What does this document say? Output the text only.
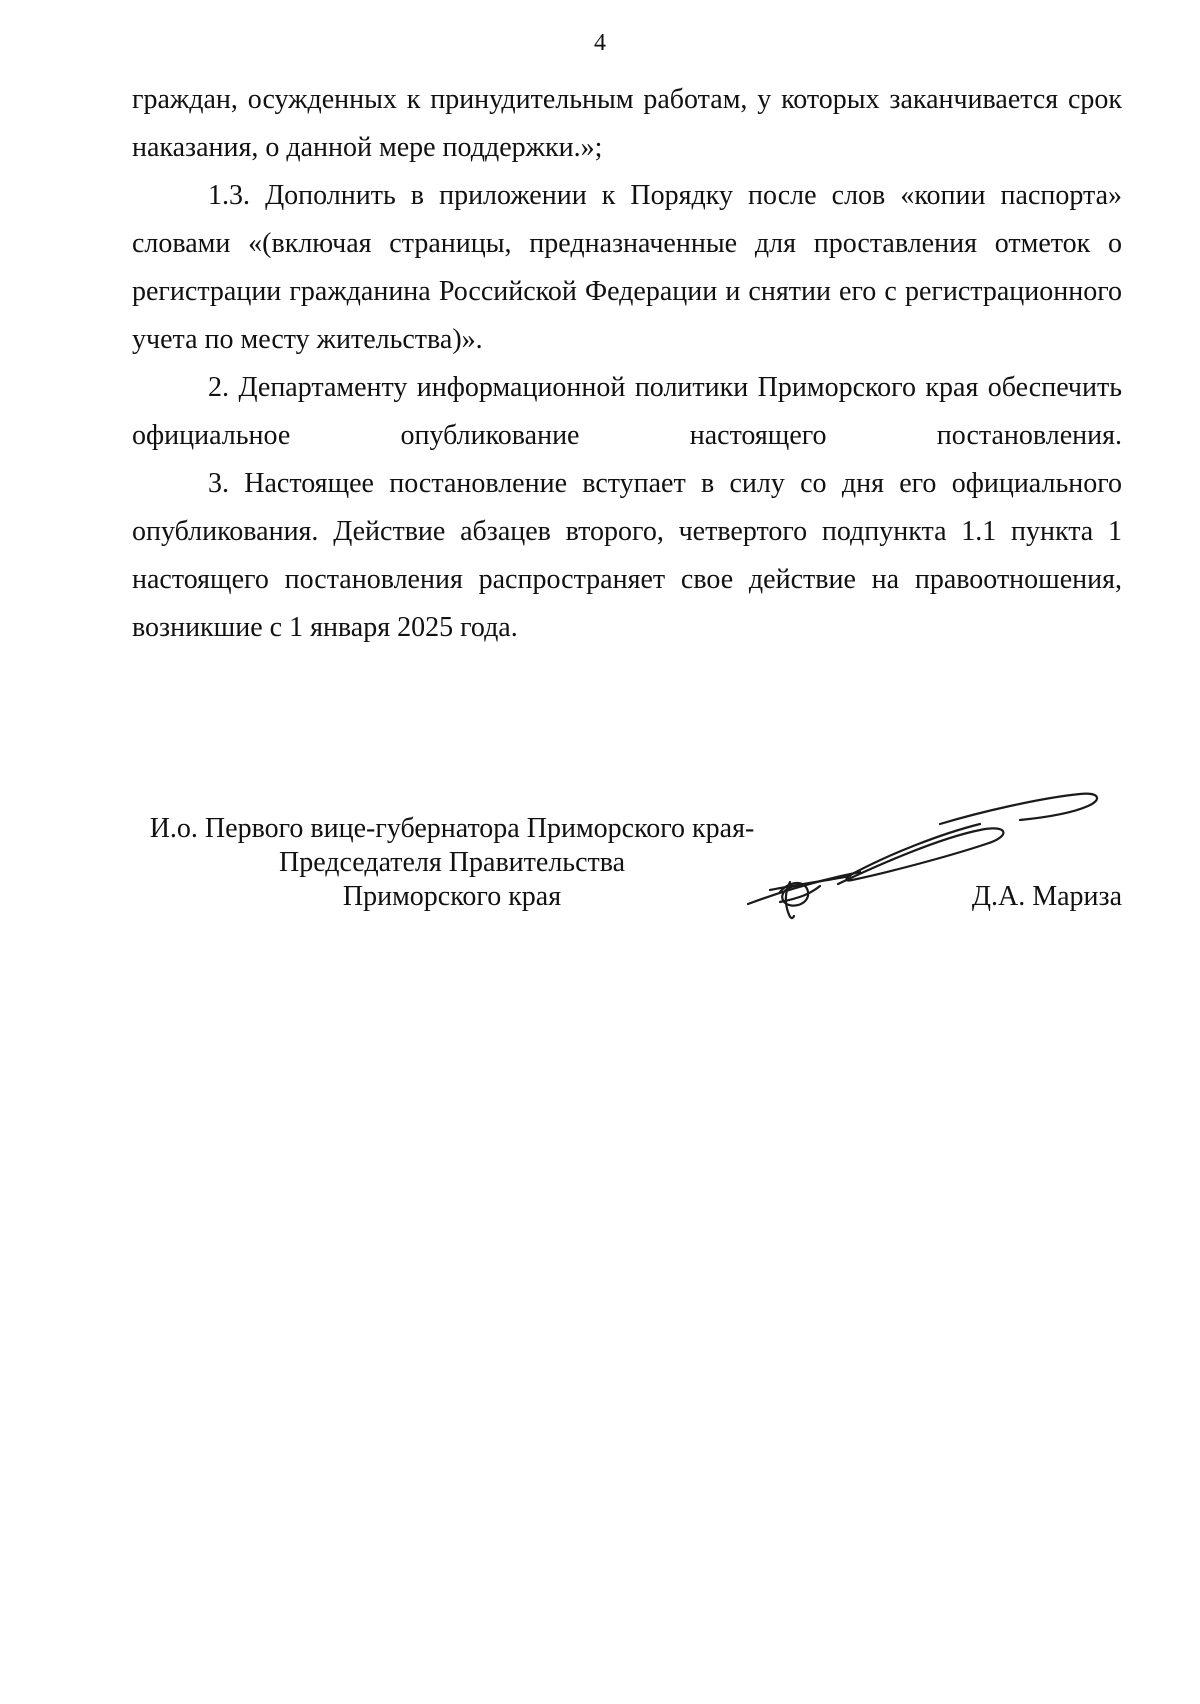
4

граждан, осужденных к принудительным работам, у которых заканчивается срок наказания, о данной мере поддержки.»;

1.3. Дополнить в приложении к Порядку после слов «копии паспорта» словами «(включая страницы, предназначенные для проставления отметок о регистрации гражданина Российской Федерации и снятии его с регистрационного учета по месту жительства)».

2. Департаменту информационной политики Приморского края обеспечить официальное опубликование настоящего постановления.

3. Настоящее постановление вступает в силу со дня его официального опубликования. Действие абзацев второго, четвертого подпункта 1.1 пункта 1 настоящего постановления распространяет свое действие на правоотношения, возникшие с 1 января 2025 года.

И.о. Первого вице-губернатора Приморского края-
Председателя Правительства
Приморского края	Д.А. Мариза
